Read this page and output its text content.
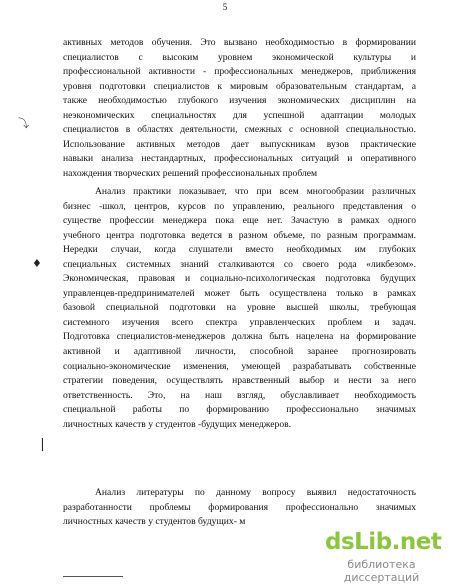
5
активных методов обучения. Это вызвано необходимостью в формировании
специалистов с высоким уровнем экономической культуры и
профессиональной активности - профессиональных менеджеров, приближения
уровня подготовки специалистов к мировым образовательным стандартам, а
также необходимостью глубокого изучения экономических дисциплин на
неэкономических специальностях для успешной адаптации молодых
специалистов в областях деятельности, смежных с основной специальностью.
Использование активных методов дает выпускникам вузов практические
навыки анализа нестандартных, профессиональных ситуаций и оперативного
нахождения творческих решений профессиональных проблем
Анализ практики показывает, что при всем многообразии различных
бизнес -школ, центров, курсов по управлению, реального представления о
существе профессии менеджера пока еще нет. Зачастую в рамках одного
учебного центра подготовка ведется в разном объеме, по разным программам.
Нередки случаи, когда слушатели вместо необходимых им глубоких
специальных системных знаний сталкиваются со своего рода «ликбезом».
Экономическая, правовая и социально-психологическая подготовка будущих
управленцев-предпринимателей может быть осуществлена только в рамках
базовой специальной подготовки на уровне высшей школы, требующая
системного изучения всего спектра управленческих проблем и задач.
Подготовка специалистов-менеджеров должна быть нацелена на формирование
активной и адаптивной личности, способной заранее прогнозировать
социально-экономические изменения, умеющей разрабатывать собственные
стратегии поведения, осуществлять нравственный выбор и нести за него
ответственность. Это, на наш взгляд, обуславливает необходимость
специальной работы по формированию профессионально значимых
личностных качеств у студентов -будущих менеджеров.
Анализ литературы по данному вопросу выявил недостаточность
разработанности проблемы формирования профессионально значимых
личностных качеств у студентов будущих- м
⤵
♦
❘
dsLib.net
библиотека диссертаций
